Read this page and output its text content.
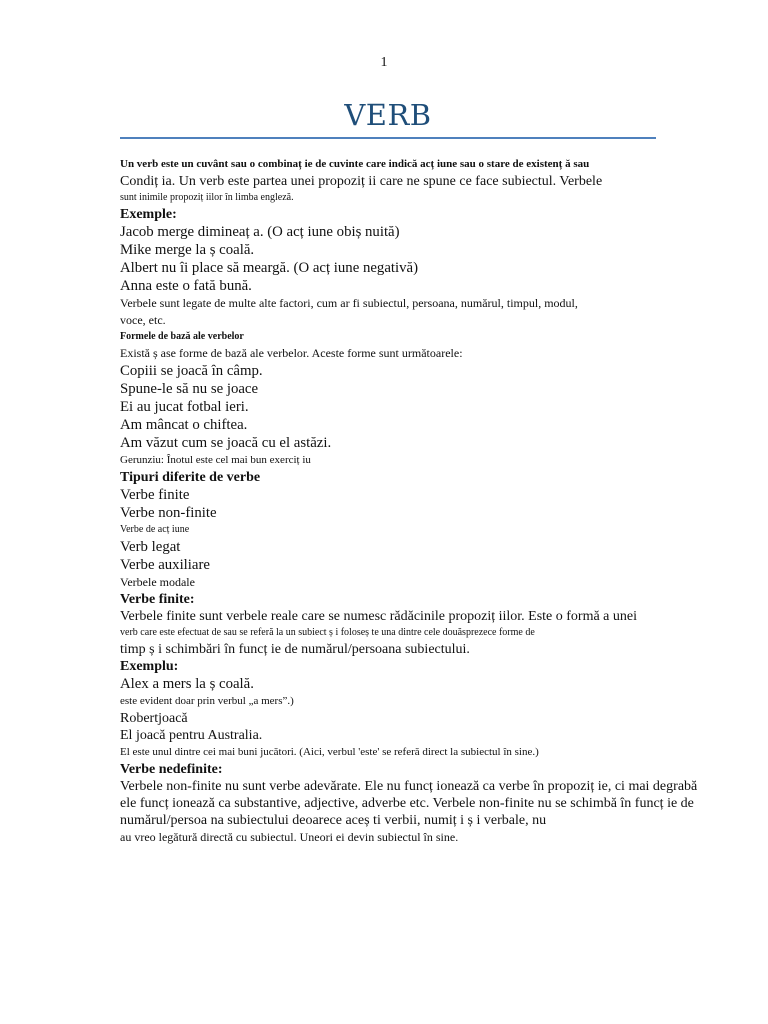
1
VERB

Un verb este un cuvânt sau o combinaț ie de cuvinte care indică acț iune sau o stare de existenț ă sau

Condiț ia. Un verb este partea unei propoziț ii care ne spune ce face subiectul. Verbele

sunt inimile propoziț iilor în limba engleză.

Exemple:

Jacob merge dimineaț a. (O acț iune obiș nuită)

Mike merge la ș coală.

Albert nu îi place să meargă. (O acț iune negativă)

Anna este o fată bună.

Verbele sunt legate de multe alte factori, cum ar fi subiectul, persoana, numărul, timpul, modul,

voce, etc.

Formele de bază ale verbelor

Există ș ase forme de bază ale verbelor. Aceste forme sunt următoarele:

Copiii se joacă în câmp.

Spune-le să nu se joace

Ei au jucat fotbal ieri.

Am mâncat o chiftea.

Am văzut cum se joacă cu el astăzi.

Gerunziu: Înotul este cel mai bun exerciț iu

Tipuri diferite de verbe

Verbe finite

Verbe non-finite

Verbe de acț iune

Verb legat

Verbe auxiliare

Verbele modale

Verbe finite:

Verbele finite sunt verbele reale care se numesc rădăcinile propoziț iilor. Este o formă a unei

verb care este efectuat de sau se referă la un subiect ș i foloseș te una dintre cele douăsprezece forme de

timp ș i schimbări în funcț ie de numărul/persoana subiectului.

Exemplu:

Alex a mers la ș coală.

este evident doar prin verbul „a mers”.)

Robertjoacă

El joacă pentru Australia.

El este unul dintre cei mai buni jucători. (Aici, verbul 'este' se referă direct la subiectul în sine.)

Verbe nedefinite:

Verbele non-finite nu sunt verbe adevărate. Ele nu funcț ionează ca verbe în propoziț ie, ci mai degrabă

ele funcț ionează ca substantive, adjective, adverbe etc. Verbele non-finite nu se schimbă în funcț ie de

numărul/persoa na subiectului deoarece aceș ti verbii, numiț i ș i verbale, nu

au vreo legătură directă cu subiectul. Uneori ei devin subiectul în sine.
